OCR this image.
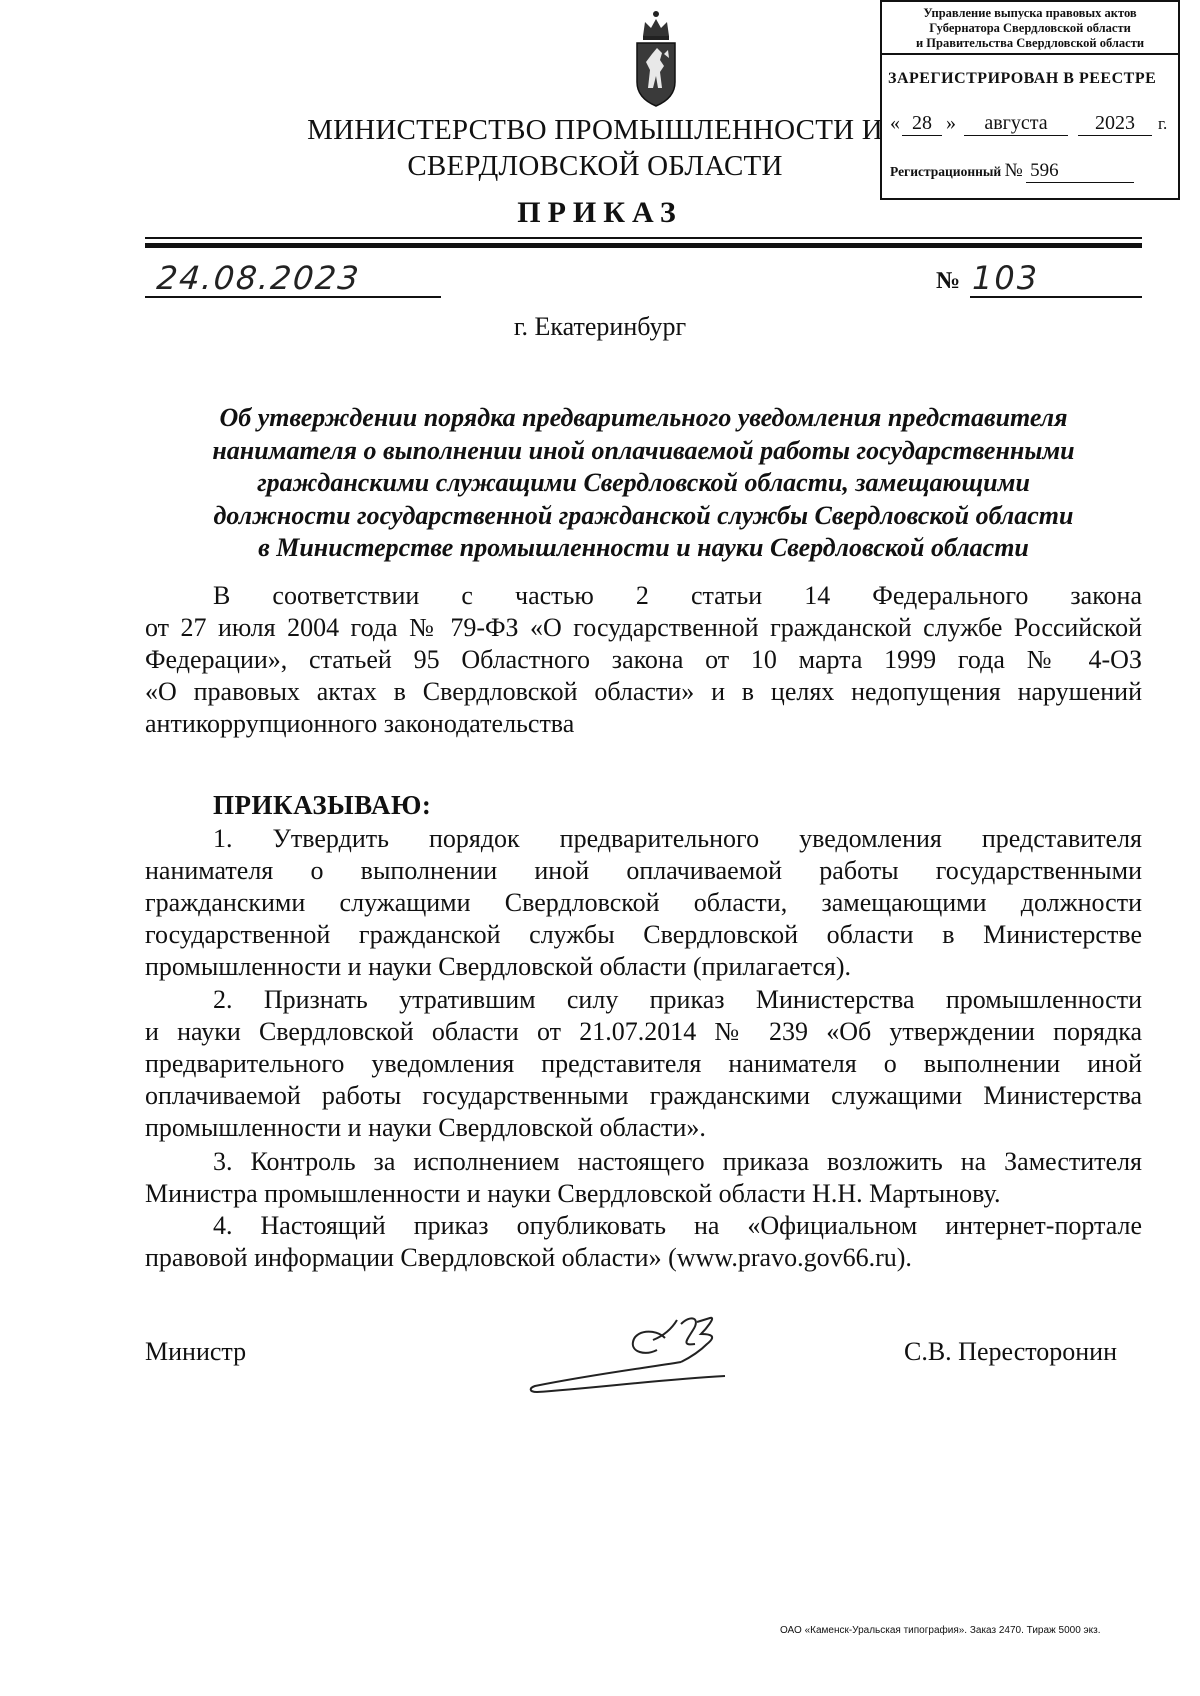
МИНИСТЕРСТВО ПРОМЫШЛЕННОСТИ И
СВЕРДЛОВСКОЙ ОБЛАСТИ
ПРИКАЗ
Управление выпуска правовых актов
Губернатора Свердловской области
и Правительства Свердловской области
ЗАРЕГИСТРИРОВАН В РЕЕСТРЕ
« 28 »	августа	2023	г.
Регистрационный № 596
24.08.2023	№ 103
г. Екатеринбург
Об утверждении порядка предварительного уведомления представителя
нанимателя о выполнении иной оплачиваемой работы государственными
гражданскими служащими Свердловской области, замещающими
должности государственной гражданской службы Свердловской области
в Министерстве промышленности и науки Свердловской области
В соответствии с частью 2 статьи 14 Федерального закона
от 27 июля 2004 года № 79-ФЗ «О государственной гражданской службе Российской
Федерации», статьей 95 Областного закона от 10 марта 1999 года № 4-ОЗ
«О правовых актах в Свердловской области» и в целях недопущения нарушений
антикоррупционного законодательства
ПРИКАЗЫВАЮ:
1. Утвердить порядок предварительного уведомления представителя
нанимателя о выполнении иной оплачиваемой работы государственными
гражданскими служащими Свердловской области, замещающими должности
государственной гражданской службы Свердловской области в Министерстве
промышленности и науки Свердловской области (прилагается).
2. Признать утратившим силу приказ Министерства промышленности
и науки Свердловской области от 21.07.2014 № 239 «Об утверждении порядка
предварительного уведомления представителя нанимателя о выполнении иной
оплачиваемой работы государственными гражданскими служащими Министерства
промышленности и науки Свердловской области».
3. Контроль за исполнением настоящего приказа возложить на Заместителя
Министра промышленности и науки Свердловской области Н.Н. Мартынову.
4. Настоящий приказ опубликовать на «Официальном интернет-портале
правовой информации Свердловской области» (www.pravo.gov66.ru).
Министр	С.В. Пересторонин
ОАО «Каменск-Уральская типография». Заказ 2470. Тираж 5000 экз.
